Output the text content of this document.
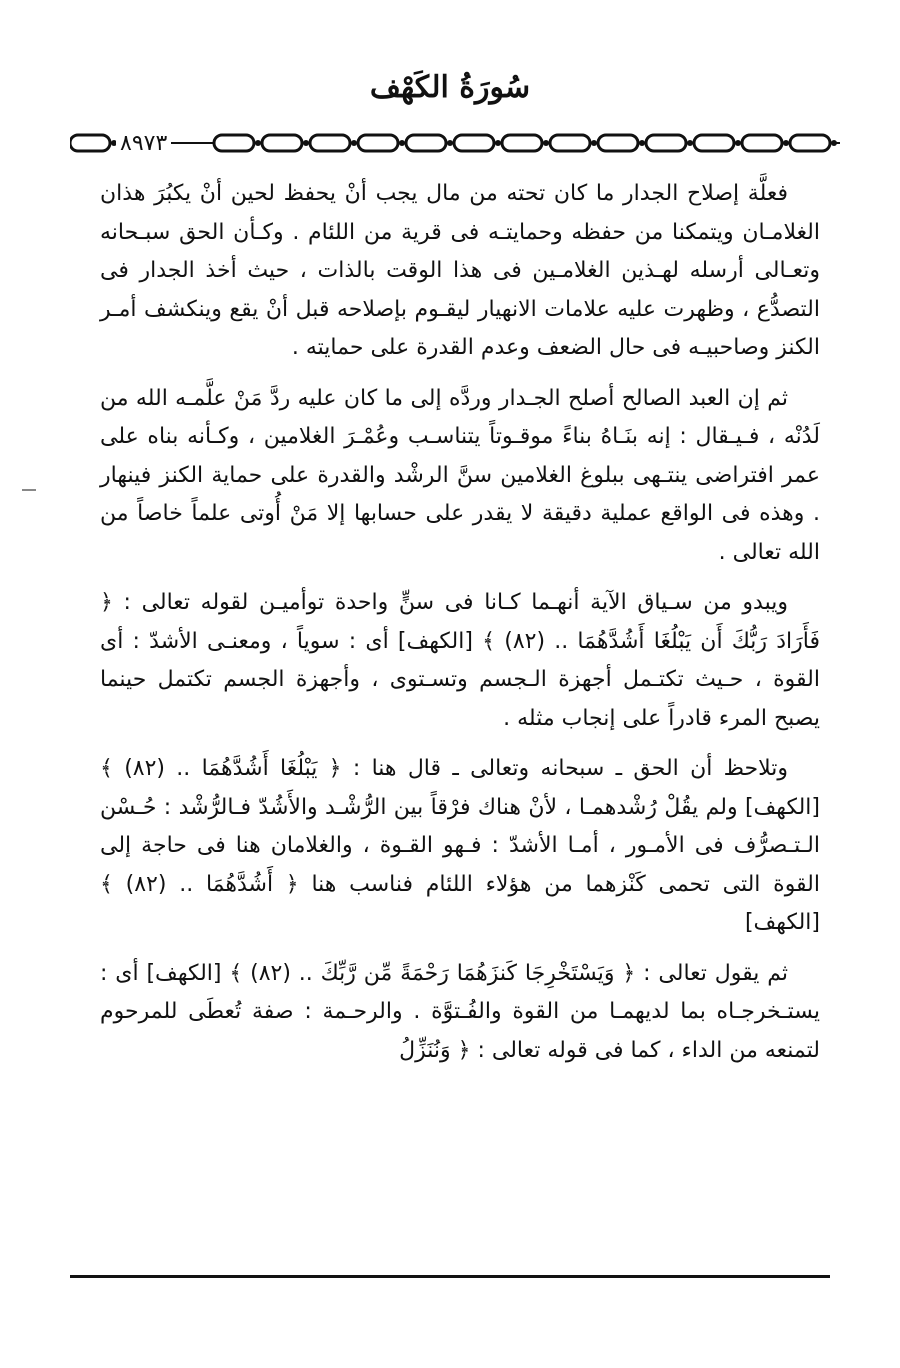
سُورَةُ الكَهْف
٨٩٧٣

فعلَّة إصلاح الجدار ما كان تحته من مال يجب أنْ يحفظ لحين أنْ يكبُرَ هذان الغلامـان ويتمكنا من حفظه وحمايتـه فى قرية من اللئام . وكـأن الحق سبـحانه وتعـالى أرسله لهـذين الغلامـين فى هذا الوقت بالذات ، حيث أخذ الجدار فى التصدُّع ، وظهرت عليه علامات الانهيار ليقـوم بإصلاحه قبل أنْ يقع وينكشف أمـر الكنز وصاحبيـه فى حال الضعف وعدم القدرة على حمايته .

ثم إن العبد الصالح أصلح الجـدار وردَّه إلى ما كان عليه ردَّ مَنْ علَّمـه الله من لَدُنْه ، فـيـقال : إنه بنَـاهُ بناءً موقـوتاً يتناسـب وعُمْـرَ الغلامين ، وكـأنه بناه على عمر افتراضى ينتـهى ببلوغ الغلامين سنَّ الرشْد والقدرة على حماية الكنز فينهار . وهذه فى الواقع عملية دقيقة لا يقدر على حسابها إلا مَنْ أُوتى علماً خاصاً من الله تعالى .

ويبدو من سـياق الآية أنهـما كـانا فى سنٍّ واحدة توأميـن لقوله تعالى : ﴿ فَأَرَادَ رَبُّكَ أَن يَبْلُغَا أَشُدَّهُمَا .. (٨٢) ﴾ [الكهف] أى : سوياً ، ومعنـى الأشدّ : أى القوة ، حـيث تكتـمل أجهزة الـجسم وتسـتوى ، وأجهزة الجسم تكتمل حينما يصبح المرء قادراً على إنجاب مثله .

وتلاحظ أن الحق ـ سبحانه وتعالى ـ قال هنا : ﴿ يَبْلُغَا أَشُدَّهُمَا .. (٨٢) ﴾ [الكهف] ولم يقُلْ رُشْدهمـا ، لأنْ هناك فرْقاً بين الرُّشْـد والأَشُدّ فـالرُّشْد : حُـسْن الـتـصرُّف فى الأمـور ، أمـا الأشدّ : فـهو القـوة ، والغلامان هنا فى حاجة إلى القوة التى تحمى كَنْزهما من هؤلاء اللئام فناسب هنا ﴿ أَشُدَّهُمَا .. (٨٢) ﴾ [الكهف]

ثم يقول تعالى : ﴿ وَيَسْتَخْرِجَا كَنزَهُمَا رَحْمَةً مِّن رَّبِّكَ .. (٨٢) ﴾ [الكهف] أى : يستـخرجـاه بما لديهمـا من القوة والفُـتوَّة . والرحـمة : صفة تُعطَى للمرحوم لتمنعه من الداء ، كما فى قوله تعالى : ﴿ وَنُنَزِّلُ
